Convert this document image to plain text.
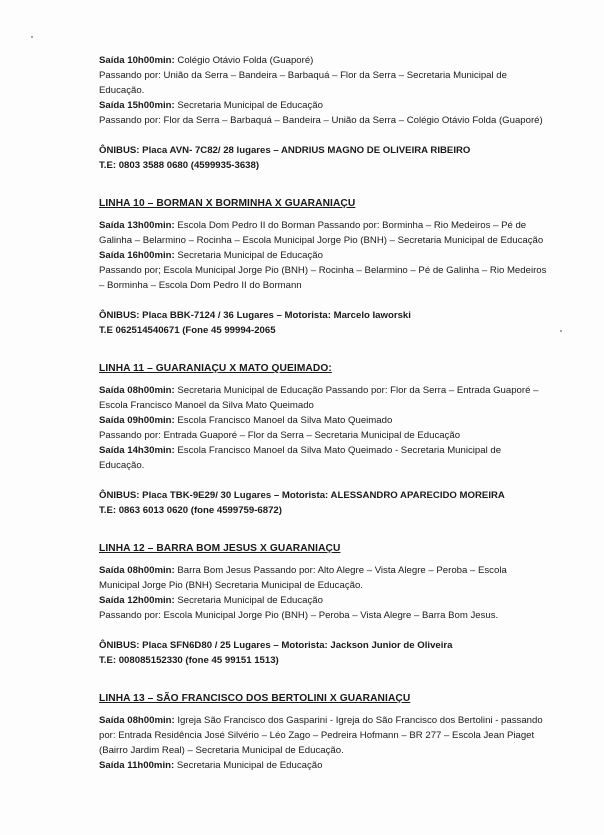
Saída 10h00min: Colégio Otávio Folda (Guaporé)

Passando por: União da Serra – Bandeira – Barbaquá – Flor da Serra – Secretaria Municipal de Educação.

Saída 15h00min: Secretaria Municipal de Educação

Passando por: Flor da Serra – Barbaquá – Bandeira – União da Serra – Colégio Otávio Folda (Guaporé)

ÔNIBUS: Placa AVN- 7C82/ 28 lugares – ANDRIUS MAGNO DE OLIVEIRA RIBEIRO

T.E: 0803 3588 0680 (4599935-3638)

LINHA 10 – BORMAN X BORMINHA X GUARANIAÇU

Saída 13h00min: Escola Dom Pedro II do Borman Passando por: Borminha – Rio Medeiros – Pé de Galinha – Belarmino – Rocinha – Escola Municipal Jorge Pio (BNH) – Secretaria Municipal de Educação

Saída 16h00min: Secretaria Municipal de Educação

Passando por; Escola Municipal Jorge Pio (BNH) – Rocinha – Belarmino – Pé de Galinha – Rio Medeiros – Borminha – Escola Dom Pedro II do Bormann

ÔNIBUS: Placa BBK-7124 / 36 Lugares – Motorista: Marcelo Iaworski

T.E 062514540671 (Fone 45 99994-2065

LINHA 11 – GUARANIAÇU X MATO QUEIMADO:

Saída 08h00min: Secretaria Municipal de Educação Passando por: Flor da Serra – Entrada Guaporé – Escola Francisco Manoel da Silva Mato Queimado

Saída 09h00min: Escola Francisco Manoel da Silva Mato Queimado

Passando por: Entrada Guaporé – Flor da Serra – Secretaria Municipal de Educação

Saída 14h30min: Escola Francisco Manoel da Silva Mato Queimado - Secretaria Municipal de Educação.

ÔNIBUS: Placa TBK-9E29/ 30 Lugares – Motorista: ALESSANDRO APARECIDO MOREIRA

T.E: 0863 6013 0620 (fone 4599759-6872)

LINHA 12 – BARRA BOM JESUS X GUARANIAÇU

Saída 08h00min: Barra Bom Jesus Passando por: Alto Alegre – Vista Alegre – Peroba – Escola Municipal Jorge Pio (BNH) Secretaria Municipal de Educação.

Saída 12h00min: Secretaria Municipal de Educação

Passando por: Escola Municipal Jorge Pio (BNH) – Peroba – Vista Alegre – Barra Bom Jesus.

ÔNIBUS: Placa SFN6D80 / 25 Lugares – Motorista: Jackson Junior de Oliveira

T.E: 008085152330 (fone 45 99151 1513)

LINHA 13 – SÃO FRANCISCO DOS BERTOLINI X GUARANIAÇU

Saída 08h00min: Igreja São Francisco dos Gasparini - Igreja do São Francisco dos Bertolini - passando por: Entrada Residência José Silvério – Léo Zago – Pedreira Hofmann – BR 277 – Escola Jean Piaget (Bairro Jardim Real) – Secretaria Municipal de Educação.

Saída 11h00min: Secretaria Municipal de Educação
